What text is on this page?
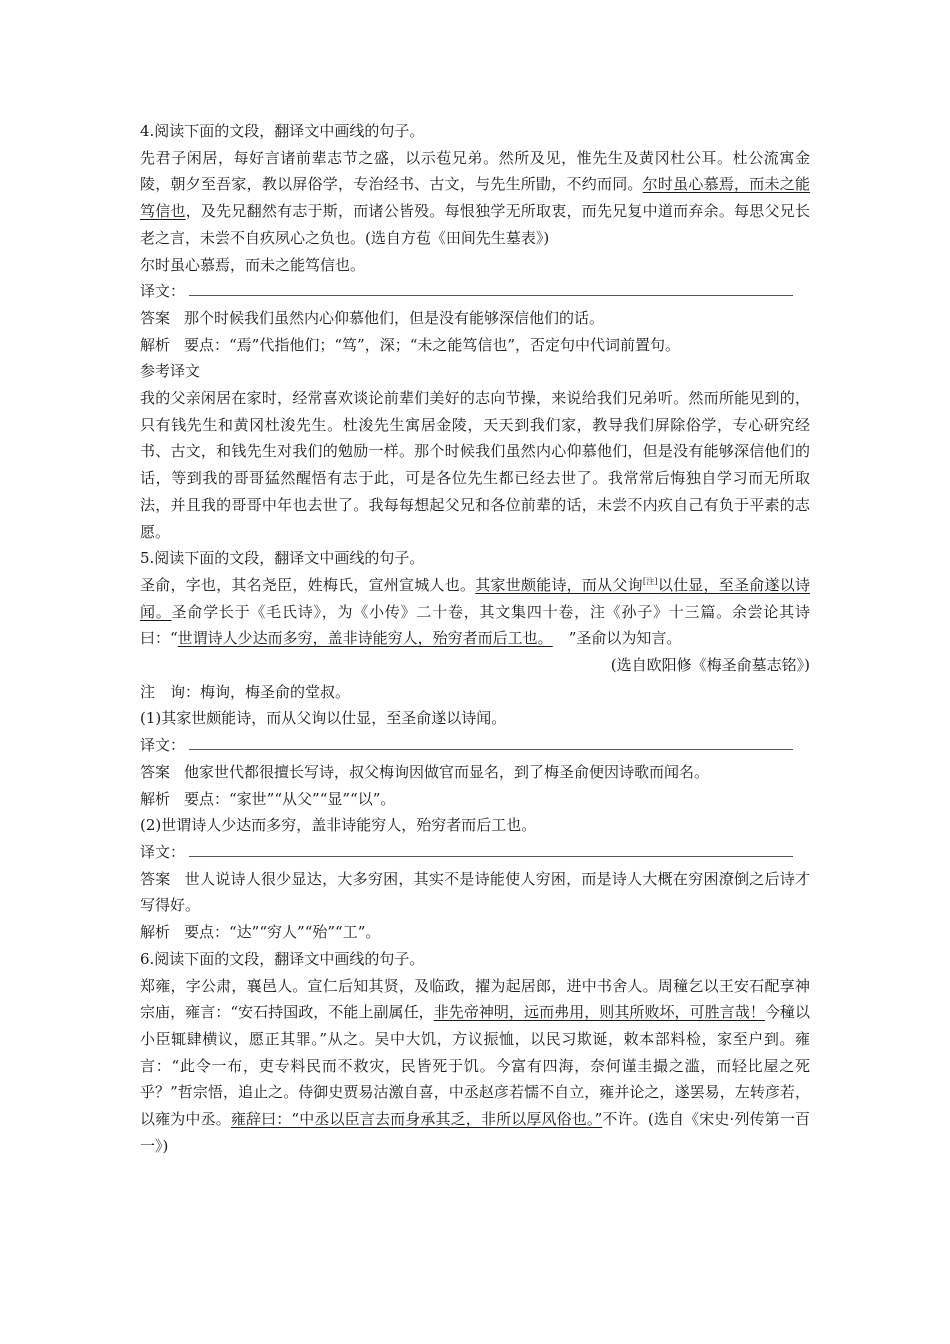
4.阅读下面的文段，翻译文中画线的句子。
先君子闲居，每好言诸前辈志节之盛，以示苞兄弟。然所及见，惟先生及黄冈杜公耳。杜公流寓金陵，朝夕至吾家，教以屏俗学，专治经书、古文，与先生所勖，不约而同。尔时虽心慕焉，而未之能笃信也，及先兄翻然有志于斯，而诸公皆殁。每恨独学无所取衷，而先兄复中道而弃余。每思父兄长老之言，未尝不自疚夙心之负也。(选自方苞《田间先生墓表》)
尔时虽心慕焉，而未之能笃信也。
译文：
答案 那个时候我们虽然内心仰慕他们，但是没有能够深信他们的话。
解析 要点：“焉”代指他们；“笃”，深；“未之能笃信也”，否定句中代词前置句。
参考译文
我的父亲闲居在家时，经常喜欢谈论前辈们美好的志向节操，来说给我们兄弟听。然而所能见到的，只有钱先生和黄冈杜浚先生。杜浚先生寓居金陵，天天到我们家，教导我们屏除俗学，专心研究经书、古文，和钱先生对我们的勉励一样。那个时候我们虽然内心仰慕他们，但是没有能够深信他们的话，等到我的哥哥猛然醒悟有志于此，可是各位先生都已经去世了。我常常后悔独自学习而无所取法，并且我的哥哥中年也去世了。我每每想起父兄和各位前辈的话，未尝不内疚自己有负于平素的志愿。
5.阅读下面的文段，翻译文中画线的句子。
圣俞，字也，其名尧臣，姓梅氏，宣州宣城人也。其家世颇能诗，而从父询[注]以仕显，至圣俞遂以诗闻。圣俞学长于《毛氏诗》，为《小传》二十卷，其文集四十卷，注《孙子》十三篇。余尝论其诗曰：“世谓诗人少达而多穷，盖非诗能穷人，殆穷者而后工也。 ”圣俞以为知言。
(选自欧阳修《梅圣俞墓志铭》)
注　询：梅询，梅圣俞的堂叔。
(1)其家世颇能诗，而从父询以仕显，至圣俞遂以诗闻。
译文：
答案 他家世代都很擅长写诗，叔父梅询因做官而显名，到了梅圣俞便因诗歌而闻名。
解析 要点：“家世”“从父”“显”“以”。
(2)世谓诗人少达而多穷，盖非诗能穷人，殆穷者而后工也。
译文：
答案 世人说诗人很少显达，大多穷困，其实不是诗能使人穷困，而是诗人大概在穷困潦倒之后诗才写得好。
解析 要点：“达”“穷人”“殆”“工”。
6.阅读下面的文段，翻译文中画线的句子。
郑雍，字公肃，襄邑人。宣仁后知其贤，及临政，擢为起居郎，进中书舍人。周穜乞以王安石配享神宗庙，雍言：“安石持国政，不能上副属任，非先帝神明，远而弗用，则其所败坏，可胜言哉！今穜以小臣辄肆横议，愿正其罪。”从之。吴中大饥，方议振恤，以民习欺诞，敕本部料检，家至户到。雍言：“此令一布，吏专料民而不救灾，民皆死于饥。今富有四海，奈何谨圭撮之滥，而轻比屋之死乎？”哲宗悟，追止之。侍御史贾易沽激自喜，中丞赵彦若懦不自立，雍并论之，遂罢易，左转彦若，以雍为中丞。雍辞曰：“中丞以臣言去而身承其乏，非所以厚风俗也。”不许。(选自《宋史·列传第一百一》)
